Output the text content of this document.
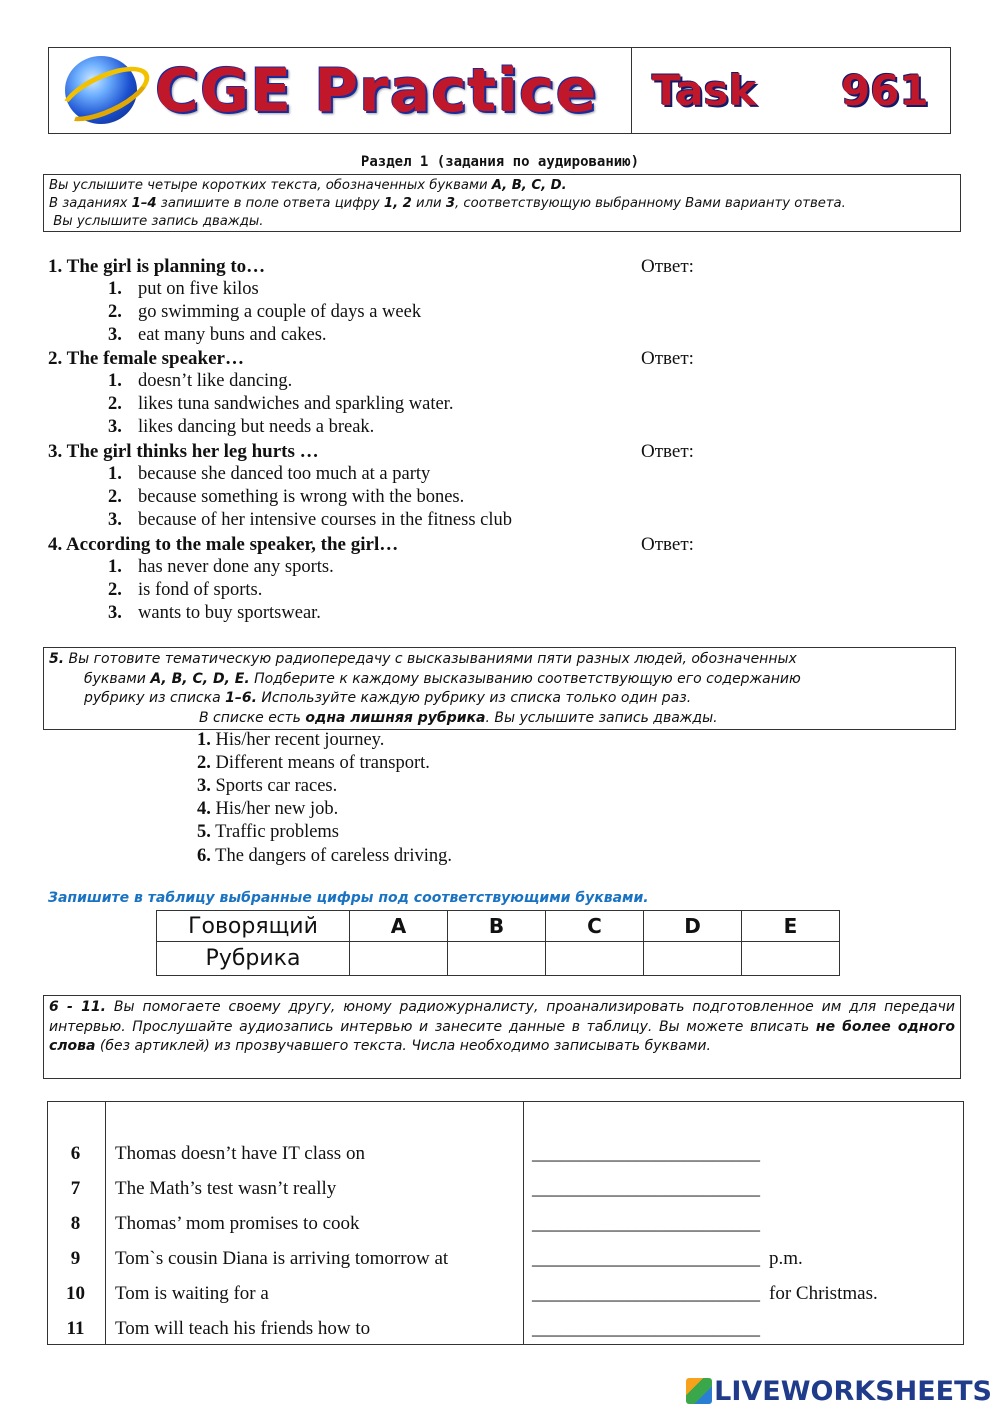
CGE Practice Task 961
Раздел 1 (задания по аудированию)

Вы услышите четыре коротких текста, обозначенных буквами A, B, C, D.

В заданиях 1–4 запишите в поле ответа цифру 1, 2 или 3, соответствующую выбранному Вами варианту ответа.

Вы услышите запись дважды.

1. The girl is planning to…	Ответ:
1. put on five kilos
2. go swimming a couple of days a week
3. eat many buns and cakes.
2. The female speaker…	Ответ:
1. doesn’t like dancing.
2. likes tuna sandwiches and sparkling water.
3. likes dancing but needs a break.
3. The girl thinks her leg hurts …	Ответ:
1. because she danced too much at a party
2. because something is wrong with the bones.
3. because of her intensive courses in the fitness club
4. According to the male speaker, the girl…	Ответ:
1. has never done any sports.
2. is fond of sports.
3. wants to buy sportswear.

5. Вы готовите тематическую радиопередачу с высказываниями пяти разных людей, обозначенных

буквами A, B, C, D, E. Подберите к каждому высказыванию соответствующую его содержанию

рубрику из списка 1–6. Используйте каждую рубрику из списка только один раз.

В списке есть одна лишняя рубрика. Вы услышите запись дважды.

1. His/her recent journey.
2. Different means of transport.
3. Sports car races.
4. His/her new job.
5. Traffic problems
6. The dangers of careless driving.
Запишите в таблицу выбранные цифры под соответствующими буквами.
Говорящий	A	B	C	D	E
Рубрика					

6 - 11. Вы помогаете своему другу, юному радиожурналисту, проанализировать подготовленное им для передачи интервью. Прослушайте аудиозапись интервью и занесите данные в таблицу. Вы можете вписать не более одного слова (без артиклей) из прозвучавшего текста. Числа необходимо записывать буквами.

6	Thomas doesn’t have IT class on	________________________
7	The Math’s test wasn’t really	________________________
8	Thomas’ mom promises to cook	________________________
9	Tom`s cousin Diana is arriving tomorrow at	________________________ p.m.
10	Tom is waiting for a	________________________ for Christmas.
11	Tom will teach his friends how to	________________________
LIVEWORKSHEETS
